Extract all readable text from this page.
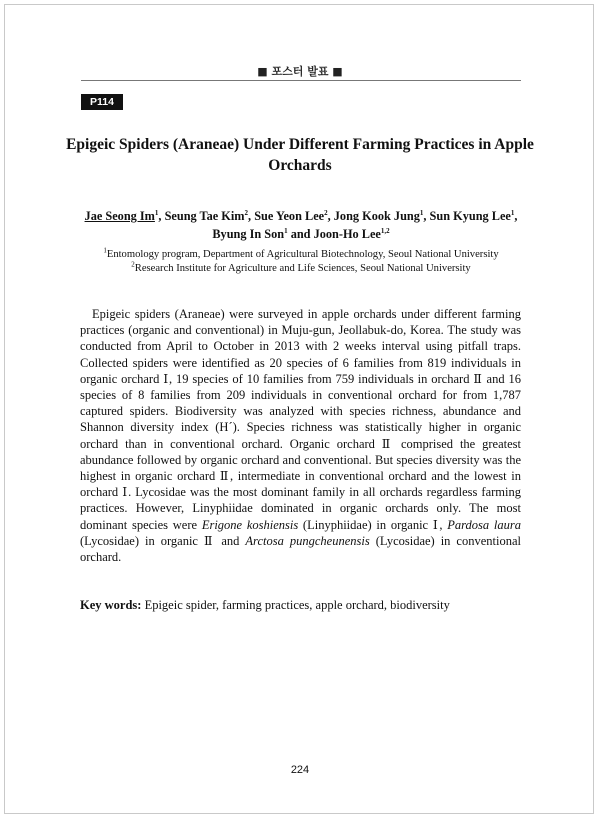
■ 포스터 발표 ■
P114
Epigeic Spiders (Araneae) Under Different Farming Practices in Apple Orchards

Jae Seong Im$^1$, Seung Tae Kim$^2$, Sue Yeon Lee$^2$, Jong Kook Jung$^1$, Sun Kyung Lee$^1$, Byung In Son$^1$ and Joon-Ho Lee$^{1,2}$

$^1$Entomology program, Department of Agricultural Biotechnology, Seoul National University

$^2$Research Institute for Agriculture and Life Sciences, Seoul National University

Epigeic spiders (Araneae) were surveyed in apple orchards under different farming practices (organic and conventional) in Muju-gun, Jeollabuk-do, Korea. The study was conducted from April to October in 2013 with 2 weeks interval using pitfall traps. Collected spiders were identified as 20 species of 6 families from 819 individuals in organic orchard Ⅰ, 19 species of 10 families from 759 individuals in orchard Ⅱ and 16 species of 8 families from 209 individuals in conventional orchard for from 1,787 captured spiders. Biodiversity was analyzed with species richness, abundance and Shannon diversity index (H´). Species richness was statistically higher in organic orchard than in conventional orchard. Organic orchard Ⅱ comprised the greatest abundance followed by organic orchard and conventional. But species diversity was the highest in organic orchard Ⅱ, intermediate in conventional orchard and the lowest in orchard Ⅰ. Lycosidae was the most dominant family in all orchards regardless farming practices. However, Linyphiidae dominated in organic orchards only. The most dominant species were Erigone koshiensis (Linyphiidae) in organic Ⅰ, Pardosa laura (Lycosidae) in organic Ⅱ and Arctosa pungcheunensis (Lycosidae) in conventional orchard.

Key words: Epigeic spider, farming practices, apple orchard, biodiversity

224
